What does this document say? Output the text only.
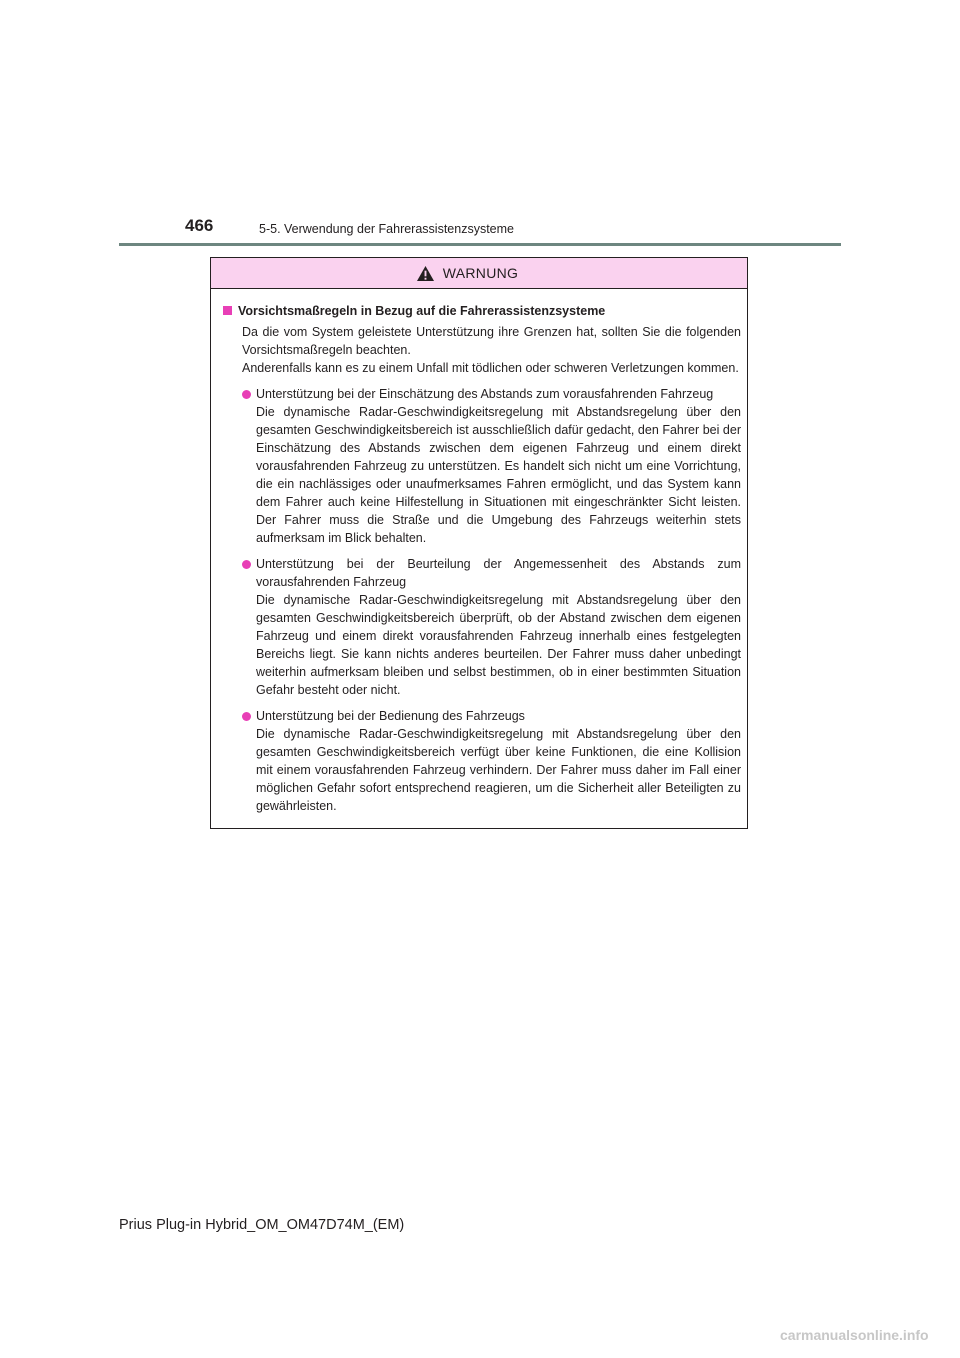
466	5-5. Verwendung der Fahrerassistenzsysteme
WARNUNG
Vorsichtsmaßregeln in Bezug auf die Fahrerassistenzsysteme
Da die vom System geleistete Unterstützung ihre Grenzen hat, sollten Sie die folgenden Vorsichtsmaßregeln beachten.
Anderenfalls kann es zu einem Unfall mit tödlichen oder schweren Verletzungen kommen.
Unterstützung bei der Einschätzung des Abstands zum vorausfahrenden Fahrzeug
Die dynamische Radar-Geschwindigkeitsregelung mit Abstandsregelung über den gesamten Geschwindigkeitsbereich ist ausschließlich dafür gedacht, den Fahrer bei der Einschätzung des Abstands zwischen dem eigenen Fahrzeug und einem direkt vorausfahrenden Fahrzeug zu unterstützen. Es handelt sich nicht um eine Vorrichtung, die ein nachlässiges oder unaufmerksames Fahren ermöglicht, und das System kann dem Fahrer auch keine Hilfestellung in Situationen mit eingeschränkter Sicht leisten. Der Fahrer muss die Straße und die Umgebung des Fahrzeugs weiterhin stets aufmerksam im Blick behalten.
Unterstützung bei der Beurteilung der Angemessenheit des Abstands zum vorausfahrenden Fahrzeug
Die dynamische Radar-Geschwindigkeitsregelung mit Abstandsregelung über den gesamten Geschwindigkeitsbereich überprüft, ob der Abstand zwischen dem eigenen Fahrzeug und einem direkt vorausfahrenden Fahrzeug innerhalb eines festgelegten Bereichs liegt. Sie kann nichts anderes beurteilen. Der Fahrer muss daher unbedingt weiterhin aufmerksam bleiben und selbst bestimmen, ob in einer bestimmten Situation Gefahr besteht oder nicht.
Unterstützung bei der Bedienung des Fahrzeugs
Die dynamische Radar-Geschwindigkeitsregelung mit Abstandsregelung über den gesamten Geschwindigkeitsbereich verfügt über keine Funktionen, die eine Kollision mit einem vorausfahrenden Fahrzeug verhindern. Der Fahrer muss daher im Fall einer möglichen Gefahr sofort entsprechend reagieren, um die Sicherheit aller Beteiligten zu gewährleisten.
Prius Plug-in Hybrid_OM_OM47D74M_(EM)
carmanualsonline.info
